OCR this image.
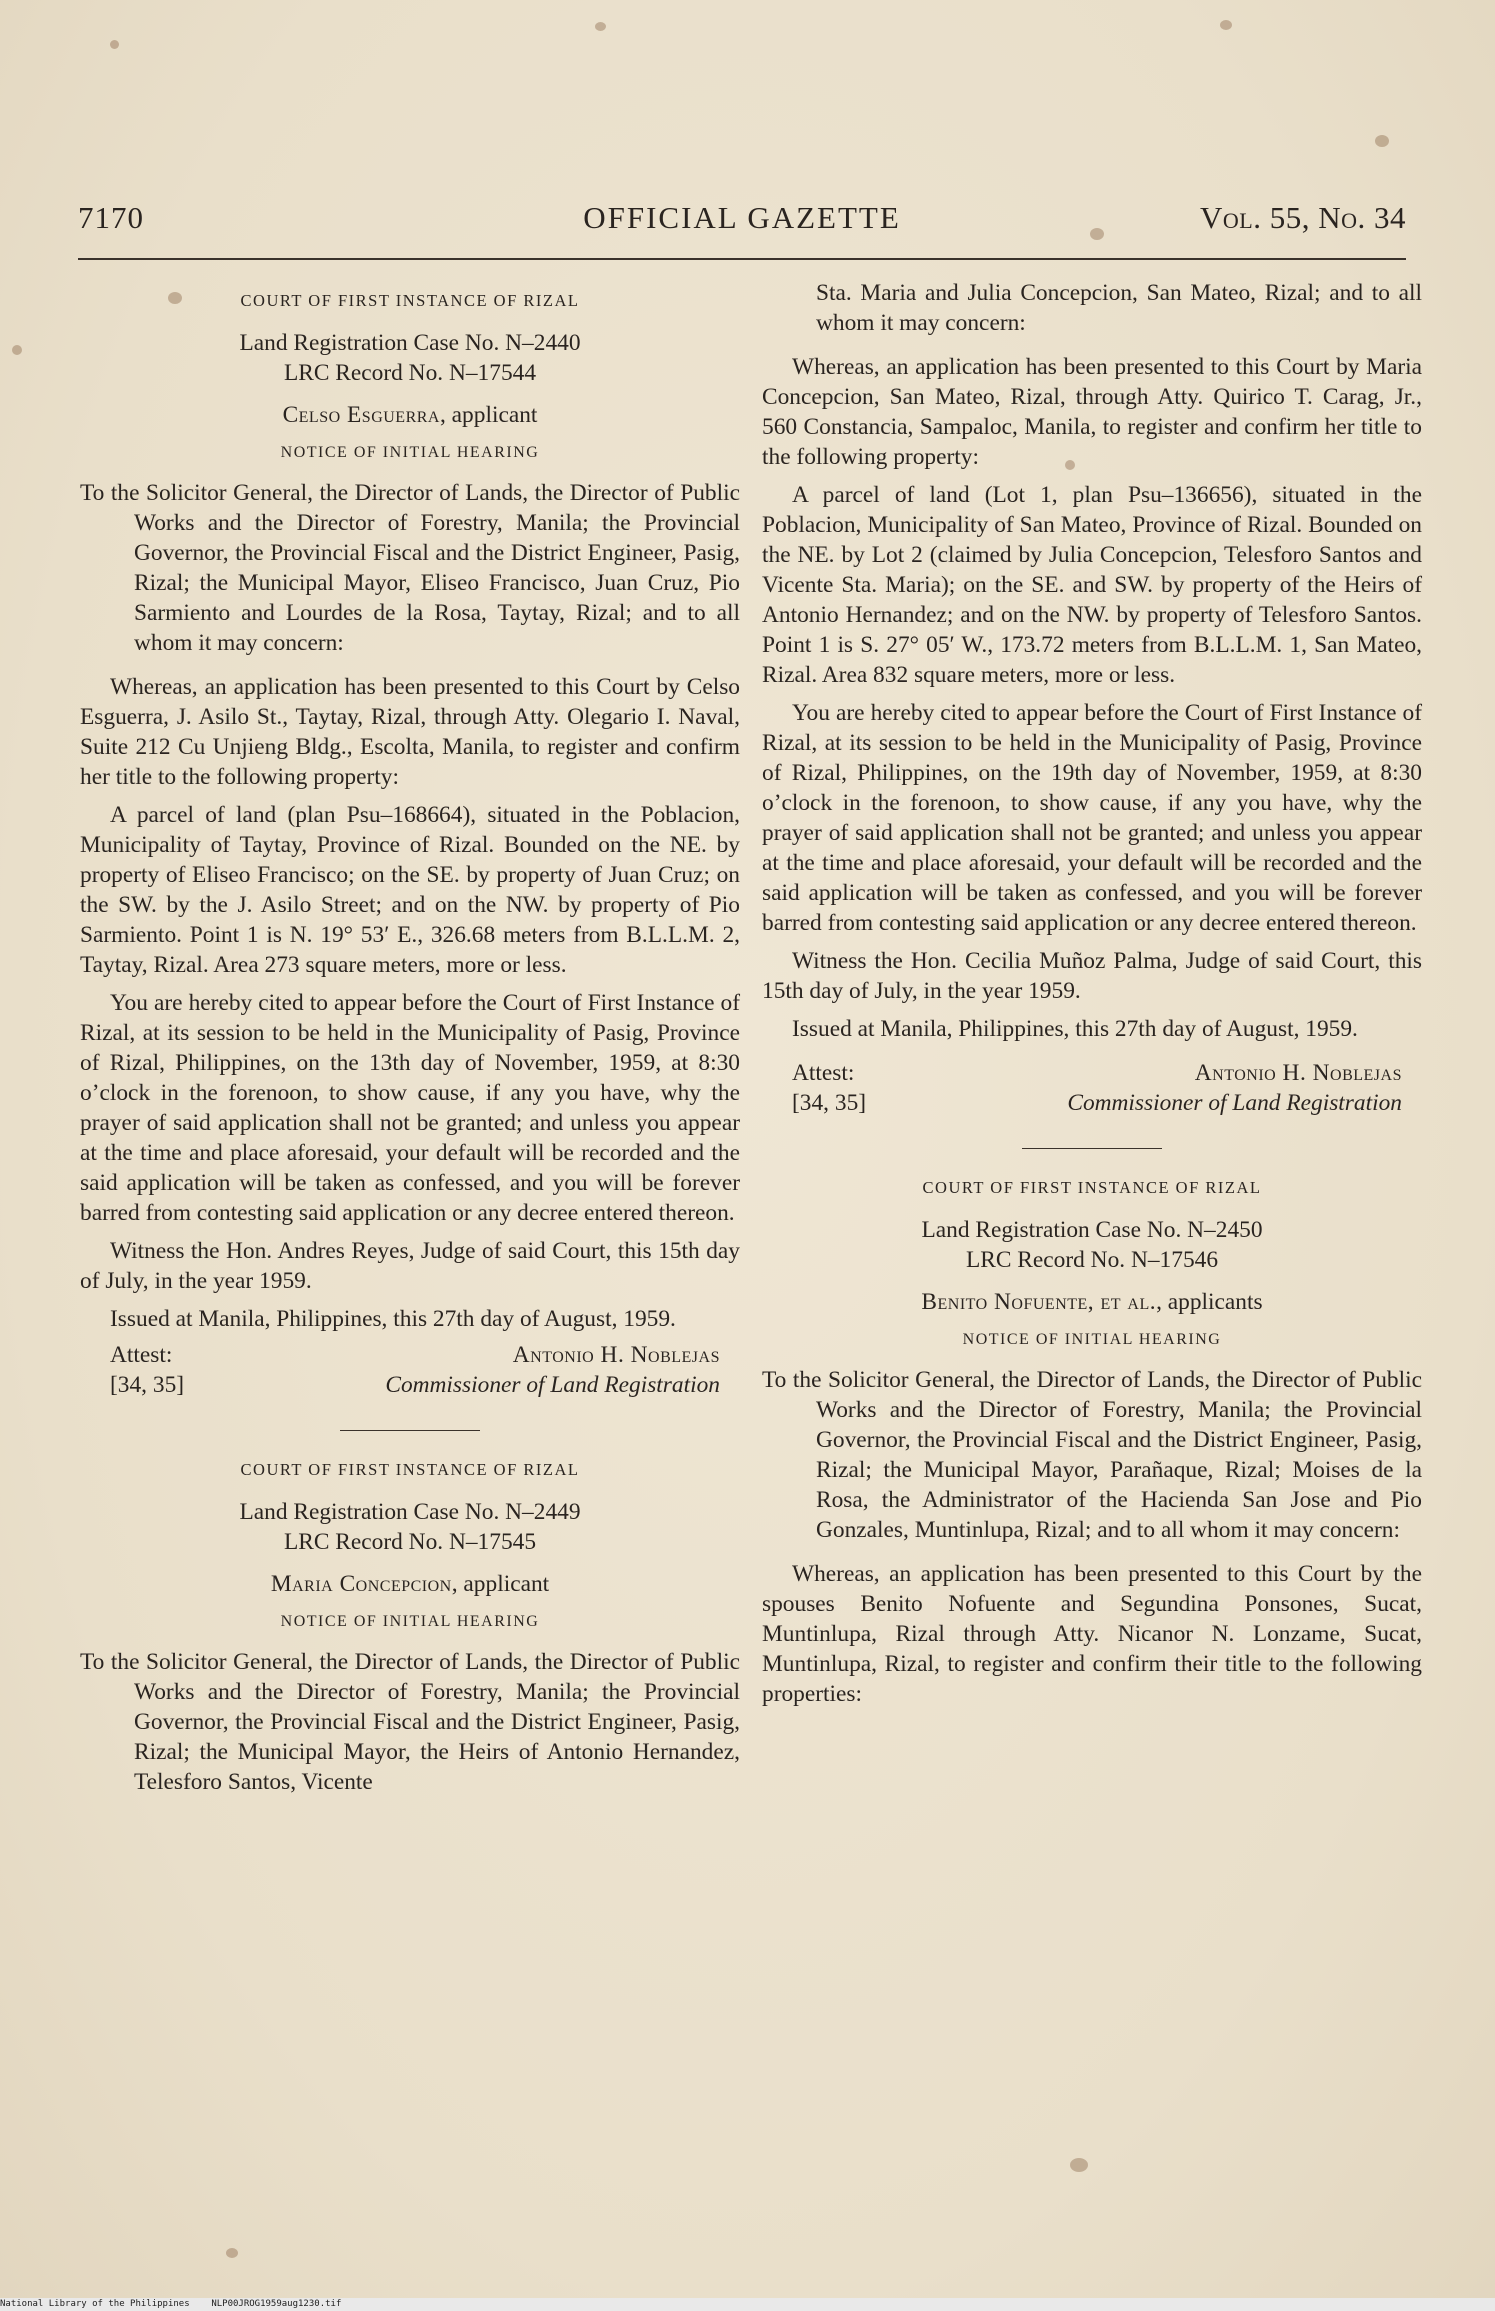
7170	OFFICIAL GAZETTE	Vol. 55, No. 34
COURT OF FIRST INSTANCE OF RIZAL
Land Registration Case No. N–2440
LRC Record No. N–17544
Celso Esguerra, applicant
NOTICE OF INITIAL HEARING

To the Solicitor General, the Director of Lands, the Director of Public Works and the Director of Forestry, Manila; the Provincial Governor, the Provincial Fiscal and the District Engineer, Pasig, Rizal; the Municipal Mayor, Eliseo Francisco, Juan Cruz, Pio Sarmiento and Lourdes de la Rosa, Taytay, Rizal; and to all whom it may concern:

Whereas, an application has been presented to this Court by Celso Esguerra, J. Asilo St., Taytay, Rizal, through Atty. Olegario I. Naval, Suite 212 Cu Unjieng Bldg., Escolta, Manila, to register and confirm her title to the following property:

A parcel of land (plan Psu–168664), situated in the Poblacion, Municipality of Taytay, Province of Rizal. Bounded on the NE. by property of Eliseo Francisco; on the SE. by property of Juan Cruz; on the SW. by the J. Asilo Street; and on the NW. by property of Pio Sarmiento. Point 1 is N. 19° 53′ E., 326.68 meters from B.L.L.M. 2, Taytay, Rizal. Area 273 square meters, more or less.

You are hereby cited to appear before the Court of First Instance of Rizal, at its session to be held in the Municipality of Pasig, Province of Rizal, Philippines, on the 13th day of November, 1959, at 8:30 o’clock in the forenoon, to show cause, if any you have, why the prayer of said application shall not be granted; and unless you appear at the time and place aforesaid, your default will be recorded and the said application will be taken as confessed, and you will be forever barred from contesting said application or any decree entered thereon.

Witness the Hon. Andres Reyes, Judge of said Court, this 15th day of July, in the year 1959.

Issued at Manila, Philippines, this 27th day of August, 1959.

Attest:
[34, 35]
Antonio H. Noblejas
Commissioner of Land Registration
COURT OF FIRST INSTANCE OF RIZAL
Land Registration Case No. N–2449
LRC Record No. N–17545
Maria Concepcion, applicant
NOTICE OF INITIAL HEARING

To the Solicitor General, the Director of Lands, the Director of Public Works and the Director of Forestry, Manila; the Provincial Governor, the Provincial Fiscal and the District Engineer, Pasig, Rizal; the Municipal Mayor, the Heirs of Antonio Hernandez, Telesforo Santos, Vicente

Sta. Maria and Julia Concepcion, San Mateo, Rizal; and to all whom it may concern:

Whereas, an application has been presented to this Court by Maria Concepcion, San Mateo, Rizal, through Atty. Quirico T. Carag, Jr., 560 Constancia, Sampaloc, Manila, to register and confirm her title to the following property:

A parcel of land (Lot 1, plan Psu–136656), situated in the Poblacion, Municipality of San Mateo, Province of Rizal. Bounded on the NE. by Lot 2 (claimed by Julia Concepcion, Telesforo Santos and Vicente Sta. Maria); on the SE. and SW. by property of the Heirs of Antonio Hernandez; and on the NW. by property of Telesforo Santos. Point 1 is S. 27° 05′ W., 173.72 meters from B.L.L.M. 1, San Mateo, Rizal. Area 832 square meters, more or less.

You are hereby cited to appear before the Court of First Instance of Rizal, at its session to be held in the Municipality of Pasig, Province of Rizal, Philippines, on the 19th day of November, 1959, at 8:30 o’clock in the forenoon, to show cause, if any you have, why the prayer of said application shall not be granted; and unless you appear at the time and place aforesaid, your default will be recorded and the said application will be taken as confessed, and you will be forever barred from contesting said application or any decree entered thereon.

Witness the Hon. Cecilia Muñoz Palma, Judge of said Court, this 15th day of July, in the year 1959.

Issued at Manila, Philippines, this 27th day of August, 1959.

Attest:
[34, 35]
Antonio H. Noblejas
Commissioner of Land Registration
COURT OF FIRST INSTANCE OF RIZAL
Land Registration Case No. N–2450
LRC Record No. N–17546
Benito Nofuente, et al., applicants
NOTICE OF INITIAL HEARING

To the Solicitor General, the Director of Lands, the Director of Public Works and the Director of Forestry, Manila; the Provincial Governor, the Provincial Fiscal and the District Engineer, Pasig, Rizal; the Municipal Mayor, Parañaque, Rizal; Moises de la Rosa, the Administrator of the Hacienda San Jose and Pio Gonzales, Muntinlupa, Rizal; and to all whom it may concern:

Whereas, an application has been presented to this Court by the spouses Benito Nofuente and Segundina Ponsones, Sucat, Muntinlupa, Rizal through Atty. Nicanor N. Lonzame, Sucat, Muntinlupa, Rizal, to register and confirm their title to the following properties:

National Library of the Philippines    NLP00JROG1959aug1230.tif
